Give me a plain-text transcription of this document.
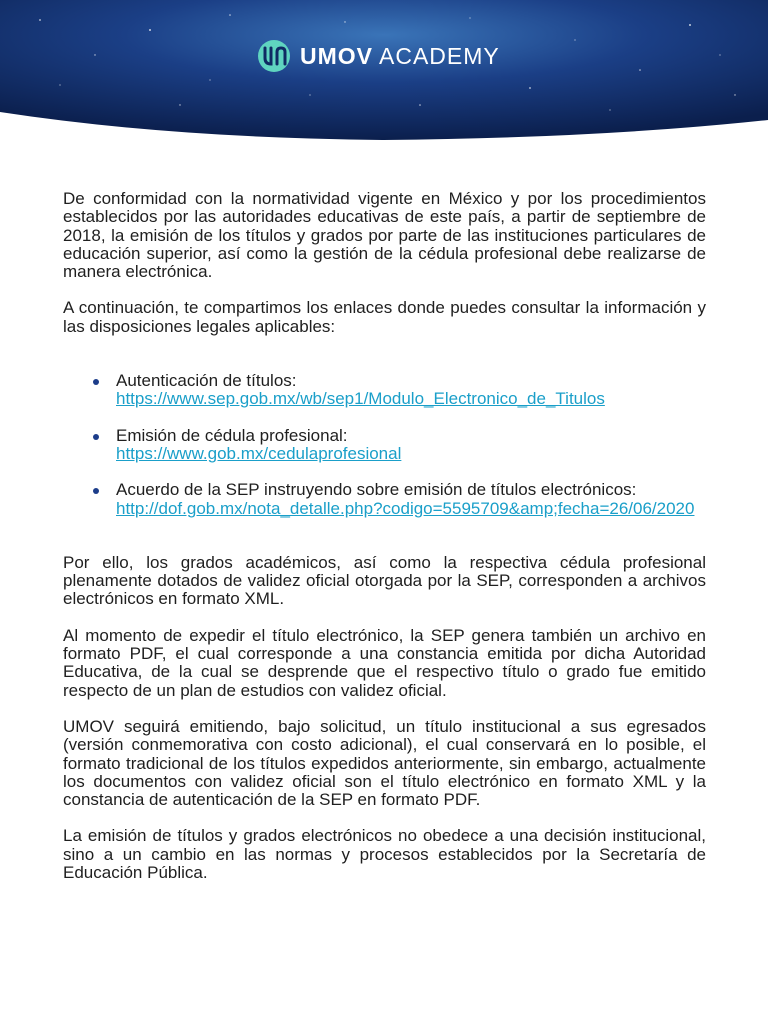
UMOV ACADEMY

De conformidad con la normatividad vigente en México y por los procedimientos establecidos por las autoridades educativas de este país, a partir de septiembre de 2018, la emisión de los títulos y grados por parte de las instituciones particulares de educación superior, así como la gestión de la cédula profesional debe realizarse de manera electrónica.

A continuación, te compartimos los enlaces donde puedes consultar la información y las disposiciones legales aplicables:

Autenticación de títulos:
https://www.sep.gob.mx/wb/sep1/Modulo_Electronico_de_Titulos
Emisión de cédula profesional:
https://www.gob.mx/cedulaprofesional
Acuerdo de la SEP instruyendo sobre emisión de títulos electrónicos:
http://dof.gob.mx/nota_detalle.php?codigo=5595709&amp;fecha=26/06/2020

Por ello, los grados académicos, así como la respectiva cédula profesional plenamente dotados de validez oficial otorgada por la SEP, corresponden a archivos electrónicos en formato XML.

Al momento de expedir el título electrónico, la SEP genera también un archivo en formato PDF, el cual corresponde a una constancia emitida por dicha Autoridad Educativa, de la cual se desprende que el respectivo título o grado fue emitido respecto de un plan de estudios con validez oficial.

UMOV seguirá emitiendo, bajo solicitud, un título institucional a sus egresados (versión conmemorativa con costo adicional), el cual conservará en lo posible, el formato tradicional de los títulos expedidos anteriormente, sin embargo, actualmente los documentos con validez oficial son el título electrónico en formato XML y la constancia de autenticación de la SEP en formato PDF.

La emisión de títulos y grados electrónicos no obedece a una decisión institucional, sino a un cambio en las normas y procesos establecidos por la Secretaría de Educación Pública.
